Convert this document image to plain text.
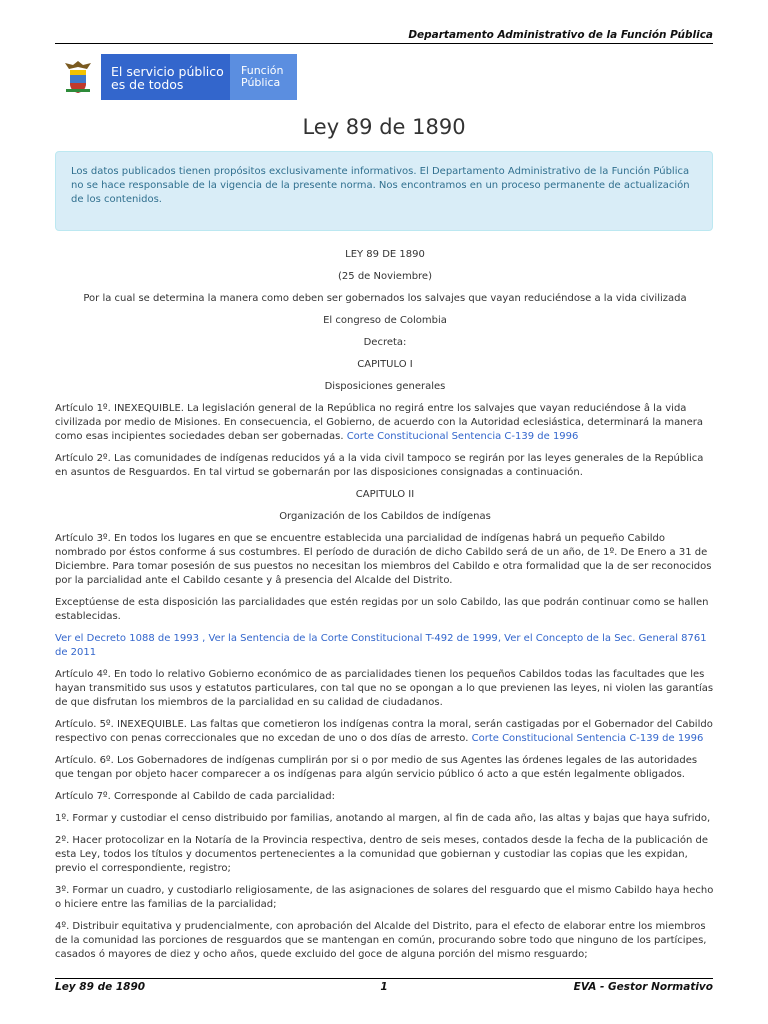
Departamento Administrativo de la Función Pública
El servicio público
es de todos
Función
Pública
Ley 89 de 1890
Los datos publicados tienen propósitos exclusivamente informativos. El Departamento Administrativo de la Función Pública no se hace responsable de la vigencia de la presente norma. Nos encontramos en un proceso permanente de actualización de los contenidos.

LEY 89 DE 1890

(25 de Noviembre)

Por la cual se determina la manera como deben ser gobernados los salvajes que vayan reduciéndose a la vida civilizada

El congreso de Colombia

Decreta:

CAPITULO I

Disposiciones generales

Artículo 1º. INEXEQUIBLE. La legislación general de la República no regirá entre los salvajes que vayan reduciéndose â la vida civilizada por medio de Misiones. En consecuencia, el Gobierno, de acuerdo con la Autoridad eclesiástica, determinará la manera como esas incipientes sociedades deban ser gobernadas. Corte Constitucional Sentencia C-139 de 1996

Artículo 2º. Las comunidades de indígenas reducidos yá a la vida civil tampoco se regirán por las leyes generales de la República en asuntos de Resguardos. En tal virtud se gobernarán por las disposiciones consignadas a continuación.

CAPITULO II

Organización de los Cabildos de indígenas

Artículo 3º. En todos los lugares en que se encuentre establecida una parcialidad de indígenas habrá un pequeño Cabildo nombrado por éstos conforme á sus costumbres. El período de duración de dicho Cabildo será de un año, de 1º. De Enero a 31 de Diciembre. Para tomar posesión de sus puestos no necesitan los miembros del Cabildo e otra formalidad que la de ser reconocidos por la parcialidad ante el Cabildo cesante y â presencia del Alcalde del Distrito.

Exceptúense de esta disposición las parcialidades que estén regidas por un solo Cabildo, las que podrán continuar como se hallen establecidas.

Ver el Decreto 1088 de 1993 , Ver la Sentencia de la Corte Constitucional T-492 de 1999, Ver el Concepto de la Sec. General 8761 de 2011

Artículo 4º. En todo lo relativo Gobierno económico de as parcialidades tienen los pequeños Cabildos todas las facultades que les hayan transmitido sus usos y estatutos particulares, con tal que no se opongan a lo que previenen las leyes, ni violen las garantías de que disfrutan los miembros de la parcialidad en su calidad de ciudadanos.

Artículo. 5º. INEXEQUIBLE. Las faltas que cometieron los indígenas contra la moral, serán castigadas por el Gobernador del Cabildo respectivo con penas correccionales que no excedan de uno o dos días de arresto. Corte Constitucional Sentencia C-139 de 1996

Artículo. 6º. Los Gobernadores de indígenas cumplirán por si o por medio de sus Agentes las órdenes legales de las autoridades que tengan por objeto hacer comparecer a os indígenas para algún servicio público ó acto a que estén legalmente obligados.

Artículo 7º. Corresponde al Cabildo de cada parcialidad:

1º. Formar y custodiar el censo distribuido por familias, anotando al margen, al fin de cada año, las altas y bajas que haya sufrido,

2º. Hacer protocolizar en la Notaría de la Provincia respectiva, dentro de seis meses, contados desde la fecha de la publicación de esta Ley, todos los títulos y documentos pertenecientes a la comunidad que gobiernan y custodiar las copias que les expidan, previo el correspondiente, registro;

3º. Formar un cuadro, y custodiarlo religiosamente, de las asignaciones de solares del resguardo que el mismo Cabildo haya hecho o hiciere entre las familias de la parcialidad;

4º. Distribuir equitativa y prudencialmente, con aprobación del Alcalde del Distrito, para el efecto de elaborar entre los miembros de la comunidad las porciones de resguardos que se mantengan en común, procurando sobre todo que ninguno de los partícipes, casados ó mayores de diez y ocho años, quede excluido del goce de alguna porción del mismo resguardo;

Ley 89 de 1890	1	EVA - Gestor Normativo
